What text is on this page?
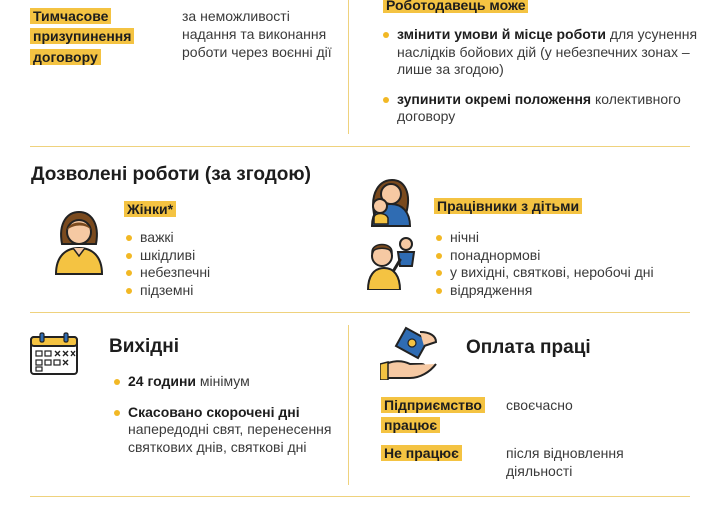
Тимчасове призупинення договору
за неможливості надання та виконання роботи через воєнні дії
Роботодавець може
змінити умови й місце роботи для усунення наслідків бойових дій (у небезпечних зонах – лише за згодою)
зупинити окремі положення колективного договору
Дозволені роботи (за згодою)
Жінки*
важкі
шкідливі
небезпечні
підземні
Працівники з дітьми
нічні
понаднормові
у вихідні, святкові, неробочі дні
відрядження
Вихідні
24 години мінімум
Скасовано скорочені дні
напередодні свят, перенесення святкових днів, святкові дні
Оплата праці
Підприємство працює
своєчасно
Не працює	після відновлення діяльності
